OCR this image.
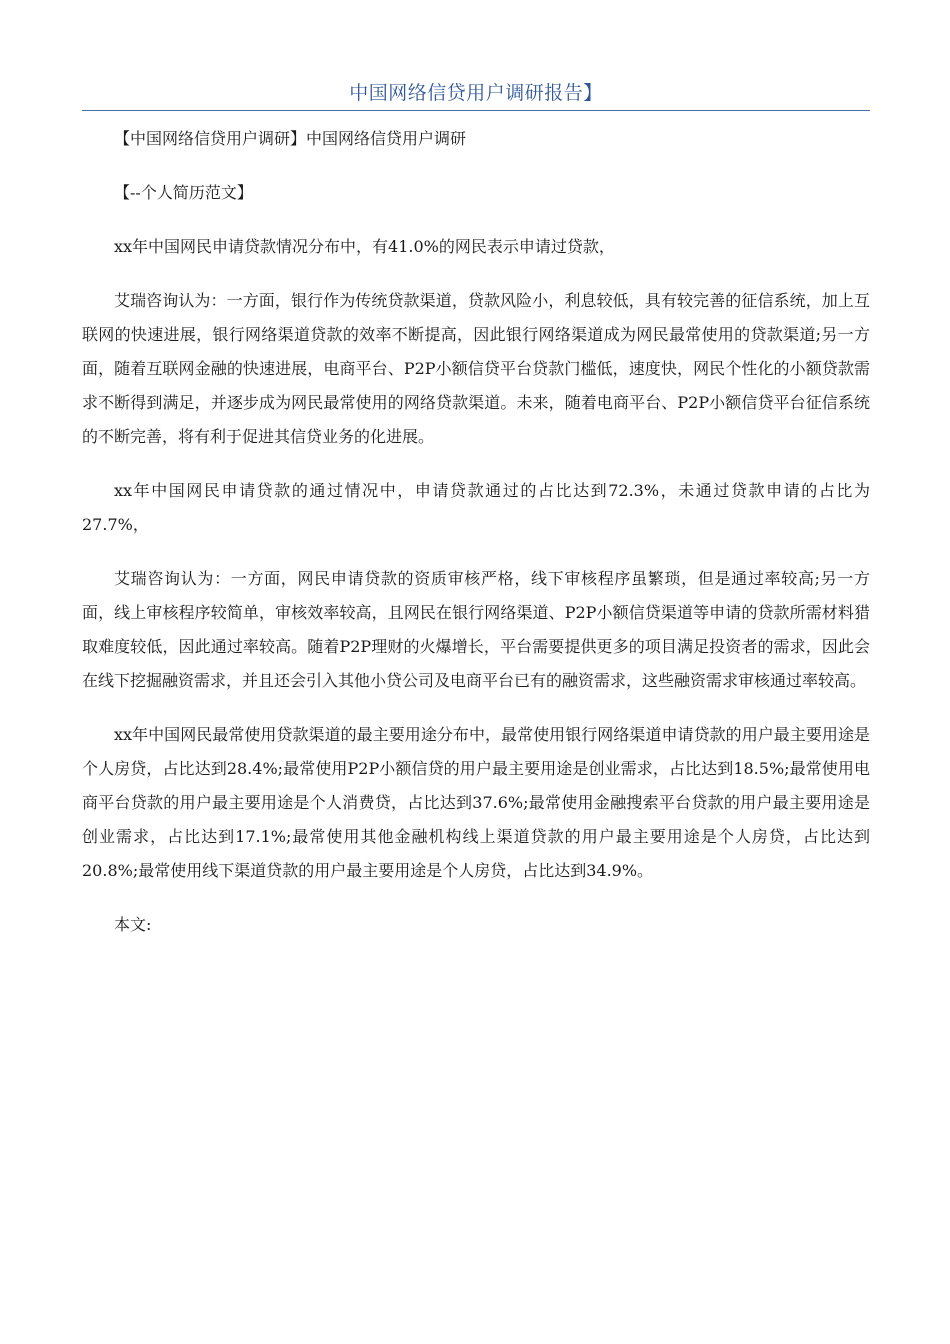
中国网络信贷用户调研报告】

【中国网络信贷用户调研】中国网络信贷用户调研

【--个人简历范文】

xx年中国网民申请贷款情况分布中，有41.0%的网民表示申请过贷款，

艾瑞咨询认为：一方面，银行作为传统贷款渠道，贷款风险小，利息较低，具有较完善的征信系统，加上互联网的快速进展，银行网络渠道贷款的效率不断提高，因此银行网络渠道成为网民最常使用的贷款渠道;另一方面，随着互联网金融的快速进展，电商平台、P2P小额信贷平台贷款门槛低，速度快，网民个性化的小额贷款需求不断得到满足，并逐步成为网民最常使用的网络贷款渠道。未来，随着电商平台、P2P小额信贷平台征信系统的不断完善，将有利于促进其信贷业务的化进展。

xx年中国网民申请贷款的通过情况中，申请贷款通过的占比达到72.3%，未通过贷款申请的占比为27.7%，

艾瑞咨询认为：一方面，网民申请贷款的资质审核严格，线下审核程序虽繁琐，但是通过率较高;另一方面，线上审核程序较简单，审核效率较高，且网民在银行网络渠道、P2P小额信贷渠道等申请的贷款所需材料猎取难度较低，因此通过率较高。随着P2P理财的火爆增长，平台需要提供更多的项目满足投资者的需求，因此会在线下挖掘融资需求，并且还会引入其他小贷公司及电商平台已有的融资需求，这些融资需求审核通过率较高。

xx年中国网民最常使用贷款渠道的最主要用途分布中，最常使用银行网络渠道申请贷款的用户最主要用途是个人房贷，占比达到28.4%;最常使用P2P小额信贷的用户最主要用途是创业需求，占比达到18.5%;最常使用电商平台贷款的用户最主要用途是个人消费贷，占比达到37.6%;最常使用金融搜索平台贷款的用户最主要用途是创业需求，占比达到17.1%;最常使用其他金融机构线上渠道贷款的用户最主要用途是个人房贷，占比达到20.8%;最常使用线下渠道贷款的用户最主要用途是个人房贷，占比达到34.9%。

本文:
